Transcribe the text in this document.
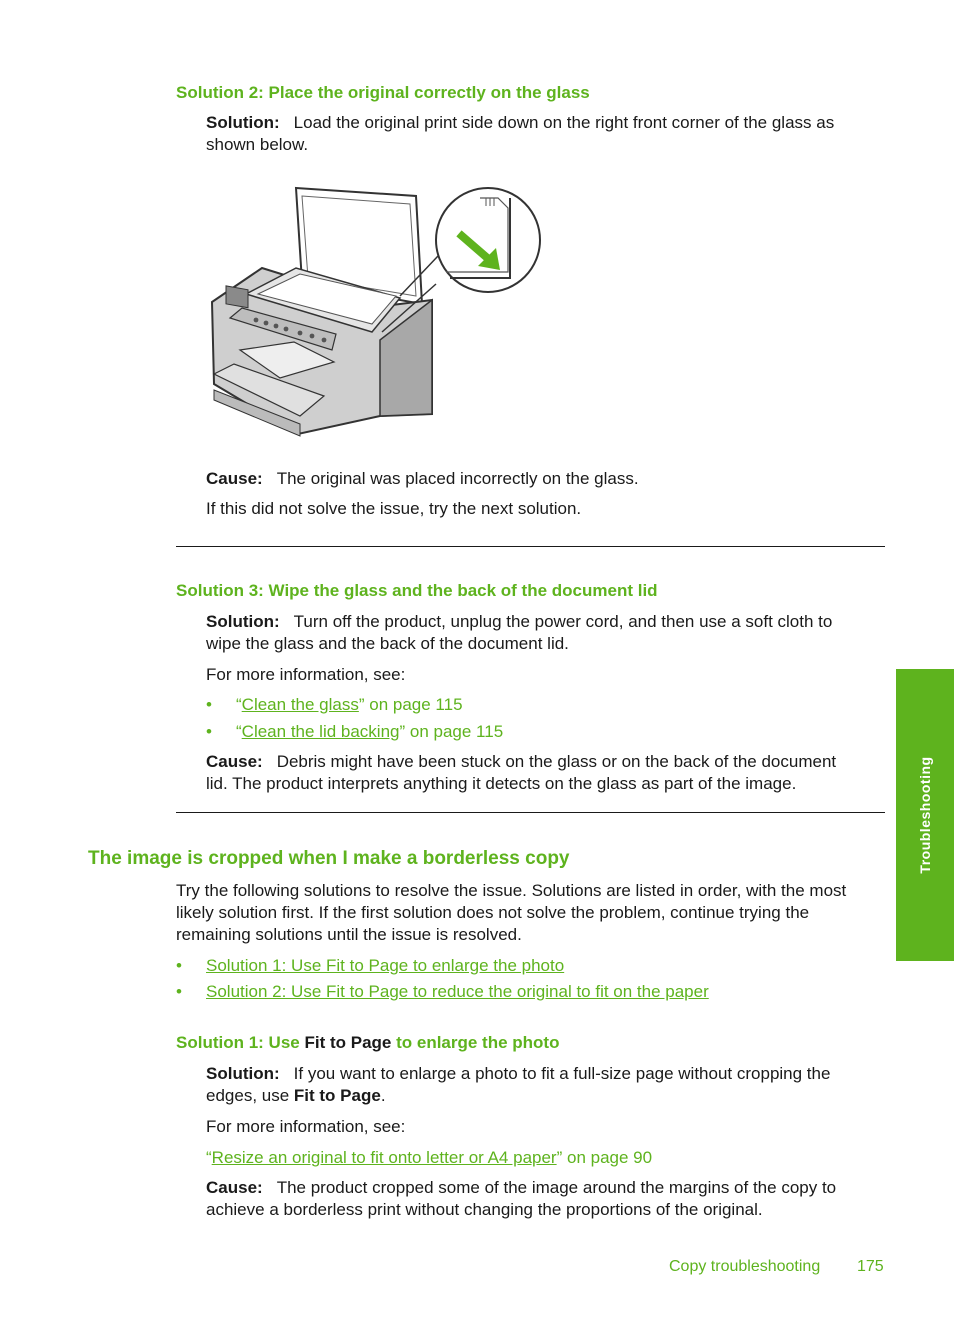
Solution 2: Place the original correctly on the glass
Solution: Load the original print side down on the right front corner of the glass as
shown below.
Cause: The original was placed incorrectly on the glass.
If this did not solve the issue, try the next solution.
Solution 3: Wipe the glass and the back of the document lid
Solution: Turn off the product, unplug the power cord, and then use a soft cloth to
wipe the glass and the back of the document lid.
For more information, see:
• “Clean the glass” on page 115
• “Clean the lid backing” on page 115
Cause: Debris might have been stuck on the glass or on the back of the document
lid. The product interprets anything it detects on the glass as part of the image.
The image is cropped when I make a borderless copy
Try the following solutions to resolve the issue. Solutions are listed in order, with the most
likely solution first. If the first solution does not solve the problem, continue trying the
remaining solutions until the issue is resolved.
• Solution 1: Use Fit to Page to enlarge the photo
• Solution 2: Use Fit to Page to reduce the original to fit on the paper
Solution 1: Use Fit to Page to enlarge the photo
Solution: If you want to enlarge a photo to fit a full-size page without cropping the
edges, use Fit to Page.
For more information, see:
“Resize an original to fit onto letter or A4 paper” on page 90
Cause: The product cropped some of the image around the margins of the copy to
achieve a borderless print without changing the proportions of the original.
Troubleshooting
Copy troubleshooting 175
